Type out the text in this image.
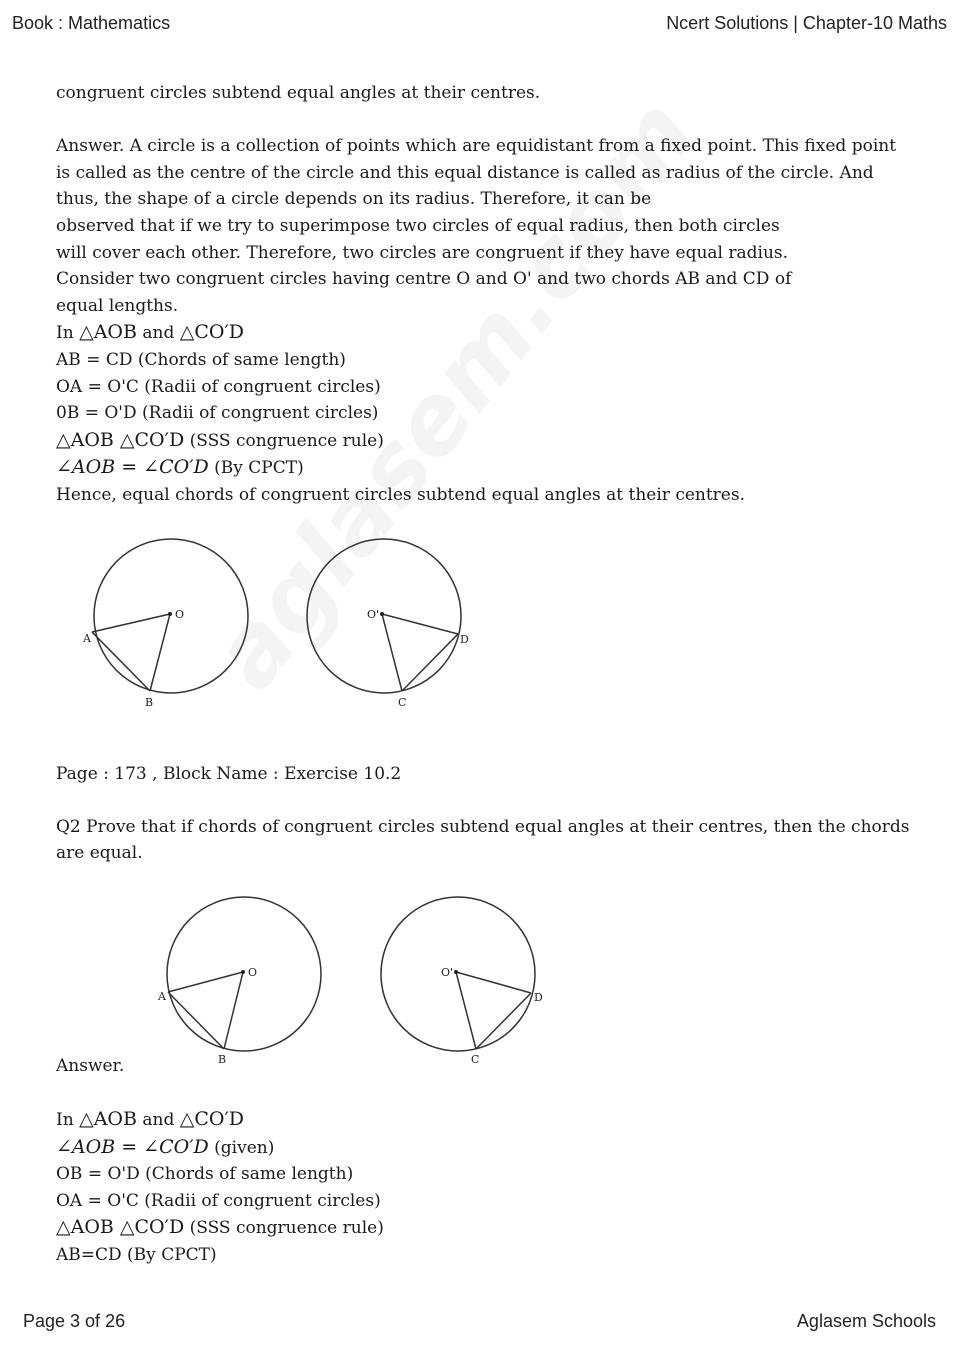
Book : Mathematics	Ncert Solutions | Chapter-10 Maths
congruent circles subtend equal angles at their centres.
Answer. A circle is a collection of points which are equidistant from a fixed point. This fixed point
is called as the centre of the circle and this equal distance is called as radius of the circle. And
thus, the shape of a circle depends on its radius. Therefore, it can be
observed that if we try to superimpose two circles of equal radius, then both circles
will cover each other. Therefore, two circles are congruent if they have equal radius.
Consider two congruent circles having centre O and O' and two chords AB and CD of
equal lengths.
In △AOB and △CO′D
AB = CD (Chords of same length)
OA = O'C (Radii of congruent circles)
0B = O'D (Radii of congruent circles)
△AOB △CO′D (SSS congruence rule)
∠AOB = ∠CO′D (By CPCT)
Hence, equal chords of congruent circles subtend equal angles at their centres.
Page : 173 , Block Name : Exercise 10.2
Q2 Prove that if chords of congruent circles subtend equal angles at their centres, then the chords
are equal.
Answer.
In △AOB and △CO′D
∠AOB = ∠CO′D (given)
OB = O'D (Chords of same length)
OA = O'C (Radii of congruent circles)
△AOB △CO′D (SSS congruence rule)
AB=CD (By CPCT)
O
A
B
O'
D
C
O
A
B
O'
D
C
Page 3 of 26	Aglasem Schools
